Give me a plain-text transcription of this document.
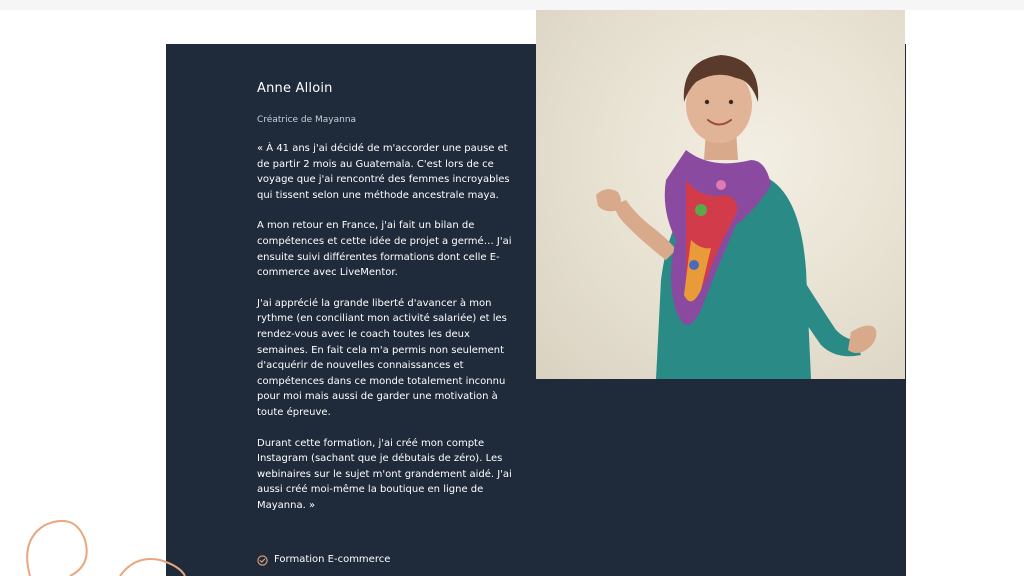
Anne Alloin
Créatrice de Mayanna

« À 41 ans j'ai décidé de m'accorder une pause et de partir 2 mois au Guatemala. C'est lors de ce voyage que j'ai rencontré des femmes incroyables qui tissent selon une méthode ancestrale maya.

A mon retour en France, j'ai fait un bilan de compétences et cette idée de projet a germé… J'ai ensuite suivi différentes formations dont celle E-commerce avec LiveMentor.

J'ai apprécié la grande liberté d'avancer à mon rythme (en conciliant mon activité salariée) et les rendez-vous avec le coach toutes les deux semaines. En fait cela m'a permis non seulement d'acquérir de nouvelles connaissances et compétences dans ce monde totalement inconnu pour moi mais aussi de garder une motivation à toute épreuve.

Durant cette formation, j'ai créé mon compte Instagram (sachant que je débutais de zéro). Les webinaires sur le sujet m'ont grandement aidé. J'ai aussi créé moi-même la boutique en ligne de Mayanna. »

Formation E-commerce
